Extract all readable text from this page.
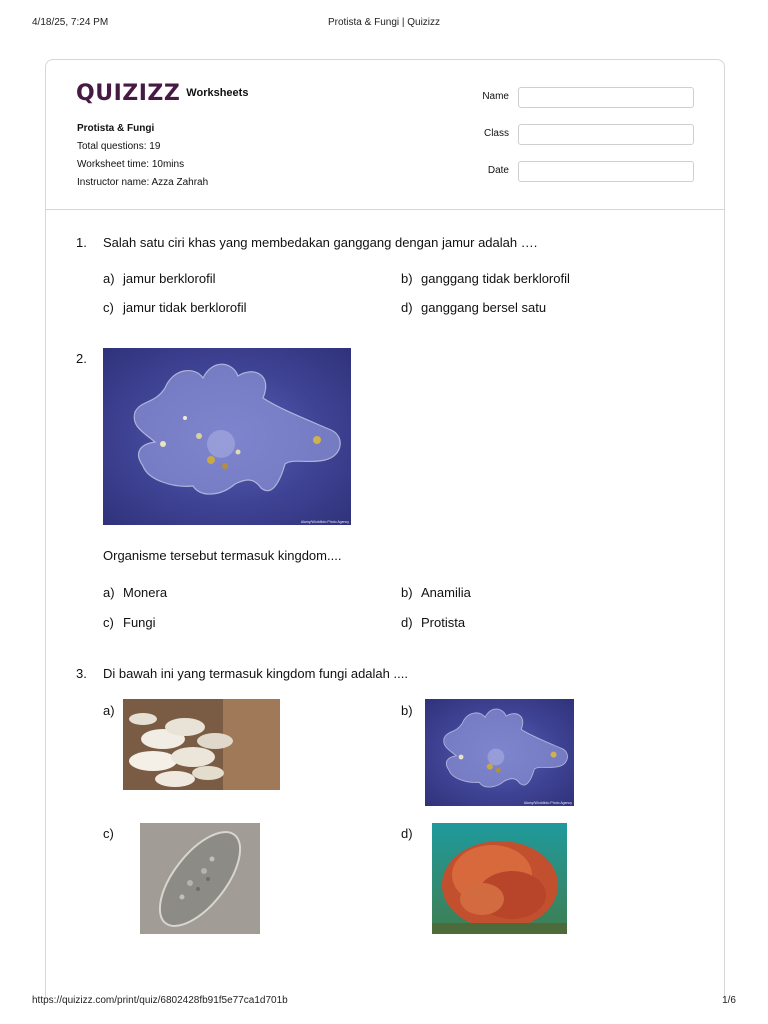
4/18/25, 7:24 PM	Protista & Fungi | Quizizz
QUIZIZZ Worksheets
Protista & Fungi
Total questions: 19
Worksheet time: 10mins
Instructor name: Azza Zahrah
Name
Class
Date
1. Salah satu ciri khas yang membedakan ganggang dengan jamur adalah ….
a) jamur berklorofil	b) ganggang tidak berklorofil
c) jamur tidak berklorofil	d) ganggang bersel satu
2.
Alamy/Worldfoto Photo Agency
Organisme tersebut termasuk kingdom....
a) Monera	b) Anamilia
c) Fungi	d) Protista
3. Di bawah ini yang termasuk kingdom fungi adalah ....
a)	b)
Alamy/Worldfoto Photo Agency
c)	d)
https://quizizz.com/print/quiz/6802428fb91f5e77ca1d701b	1/6
